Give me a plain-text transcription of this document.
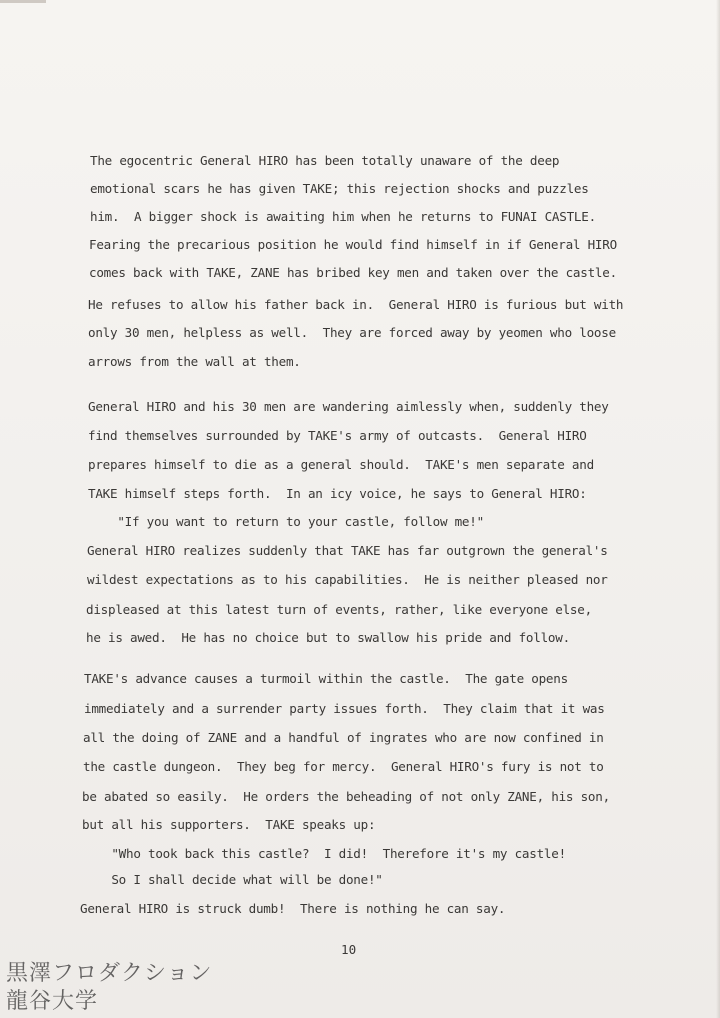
The egocentric General HIRO has been totally unaware of the deep

emotional scars he has given TAKE; this rejection shocks and puzzles

him.  A bigger shock is awaiting him when he returns to FUNAI CASTLE.

Fearing the precarious position he would find himself in if General HIRO

comes back with TAKE, ZANE has bribed key men and taken over the castle.

He refuses to allow his father back in.  General HIRO is furious but with

only 30 men, helpless as well.  They are forced away by yeomen who loose

arrows from the wall at them.

General HIRO and his 30 men are wandering aimlessly when, suddenly they

find themselves surrounded by TAKE's army of outcasts.  General HIRO

prepares himself to die as a general should.  TAKE's men separate and

TAKE himself steps forth.  In an icy voice, he says to General HIRO:

"If you want to return to your castle, follow me!"

General HIRO realizes suddenly that TAKE has far outgrown the general's

wildest expectations as to his capabilities.  He is neither pleased nor

displeased at this latest turn of events, rather, like everyone else,

he is awed.  He has no choice but to swallow his pride and follow.

TAKE's advance causes a turmoil within the castle.  The gate opens

immediately and a surrender party issues forth.  They claim that it was

all the doing of ZANE and a handful of ingrates who are now confined in

the castle dungeon.  They beg for mercy.  General HIRO's fury is not to

be abated so easily.  He orders the beheading of not only ZANE, his son,

but all his supporters.  TAKE speaks up:

"Who took back this castle?  I did!  Therefore it's my castle!

So I shall decide what will be done!"

General HIRO is struck dumb!  There is nothing he can say.

10
黒澤フロダクション
龍谷大学
